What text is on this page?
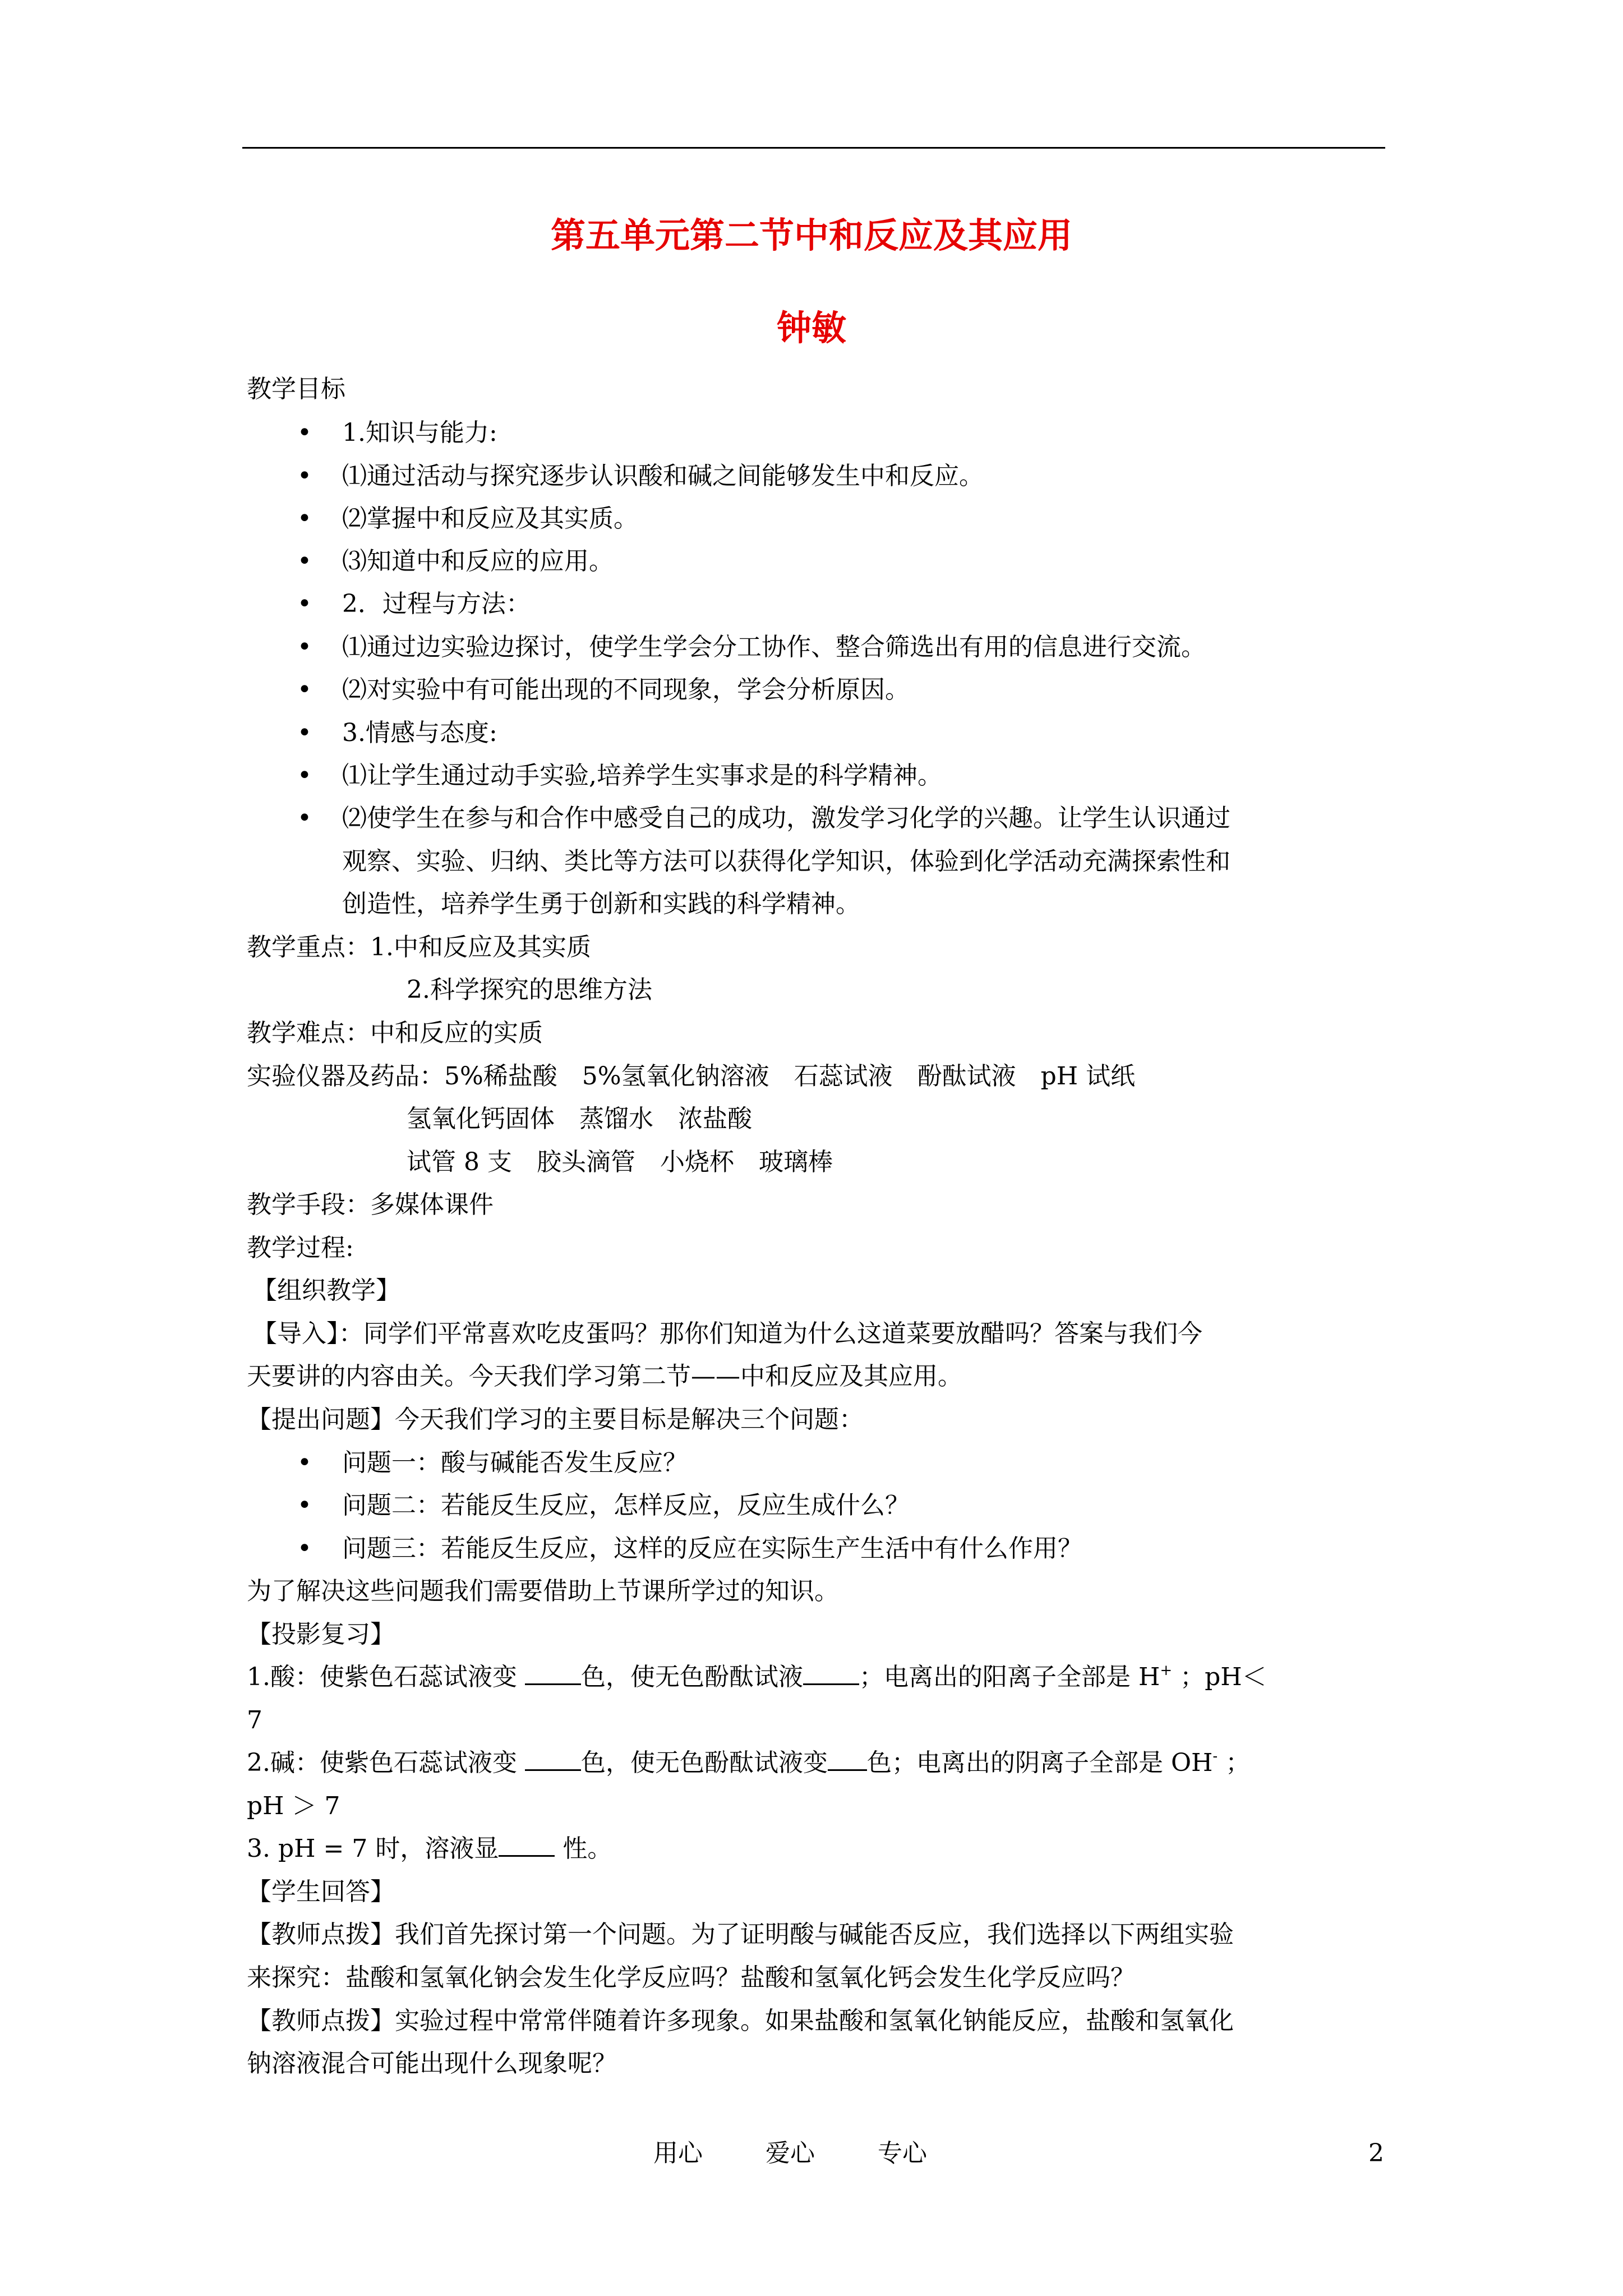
第五单元第二节中和反应及其应用
钟敏
教学目标
• 1.知识与能力:
• ⑴通过活动与探究逐步认识酸和碱之间能够发生中和反应。
• ⑵掌握中和反应及其实质。
• ⑶知道中和反应的应用。
• 2．过程与方法：
• ⑴通过边实验边探讨，使学生学会分工协作、整合筛选出有用的信息进行交流。
• ⑵对实验中有可能出现的不同现象，学会分析原因。
• 3.情感与态度:
• ⑴让学生通过动手实验,培养学生实事求是的科学精神。
• ⑵使学生在参与和合作中感受自己的成功，激发学习化学的兴趣。让学生认识通过
观察、实验、归纳、类比等方法可以获得化学知识，体验到化学活动充满探索性和
创造性，培养学生勇于创新和实践的科学精神。
教学重点：1.中和反应及其实质
2.科学探究的思维方法
教学难点：中和反应的实质
实验仪器及药品：5%稀盐酸　5%氢氧化钠溶液　石蕊试液　酚酞试液　pH 试纸
氢氧化钙固体　蒸馏水　浓盐酸
试管 8 支　胶头滴管　小烧杯　玻璃棒
教学手段：多媒体课件
教学过程:
【组织教学】
【导入】：同学们平常喜欢吃皮蛋吗？那你们知道为什么这道菜要放醋吗？答案与我们今
天要讲的内容由关。今天我们学习第二节——中和反应及其应用。
【提出问题】今天我们学习的主要目标是解决三个问题：
• 问题一：酸与碱能否发生反应？
• 问题二：若能反生反应，怎样反应，反应生成什么？
• 问题三：若能反生反应，这样的反应在实际生产生活中有什么作用？
为了解决这些问题我们需要借助上节课所学过的知识。
【投影复习】
1.酸：使紫色石蕊试液变	色，使无色酚酞试液 ；电离出的阳离子全部是 H+ ；pH＜
7
2.碱：使紫色石蕊试液变	色，使无色酚酞试液变 色；电离出的阴离子全部是 OH- ；
pH ＞ 7
3. pH = 7 时，溶液显	性。
【学生回答】
【教师点拨】我们首先探讨第一个问题。为了证明酸与碱能否反应，我们选择以下两组实验
来探究：盐酸和氢氧化钠会发生化学反应吗？盐酸和氢氧化钙会发生化学反应吗？
【教师点拨】实验过程中常常伴随着许多现象。如果盐酸和氢氧化钠能反应，盐酸和氢氧化
钠溶液混合可能出现什么现象呢？
用心	爱心	专心	2
